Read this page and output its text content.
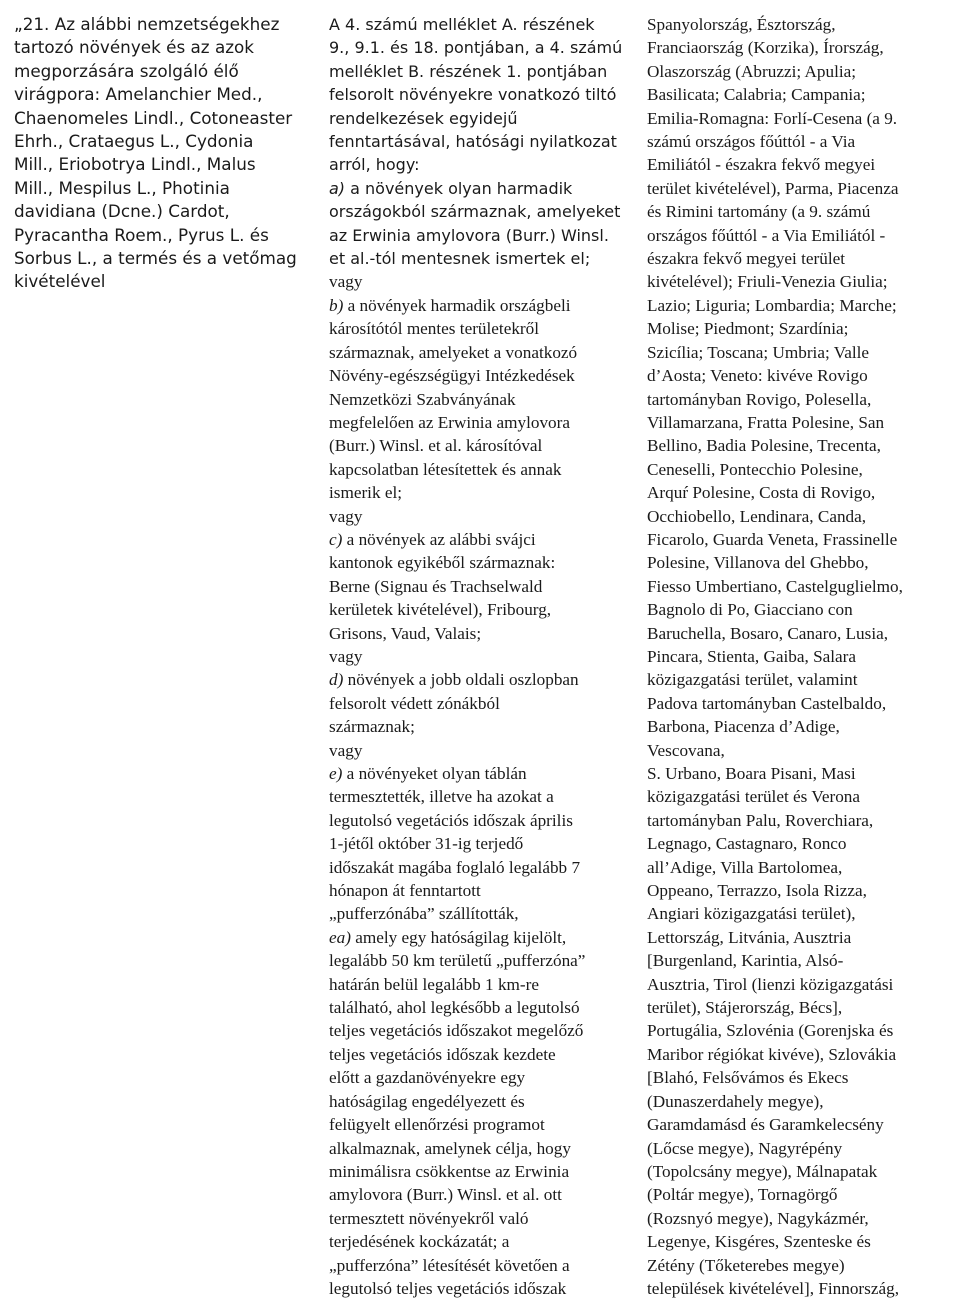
„21. Az alábbi nemzetségekhez
tartozó növények és az azok
megporzására szolgáló élő
virágpora: Amelanchier Med.,
Chaenomeles Lindl., Cotoneaster
Ehrh., Crataegus L., Cydonia
Mill., Eriobotrya Lindl., Malus
Mill., Mespilus L., Photinia
davidiana (Dcne.) Cardot,
Pyracantha Roem., Pyrus L. és
Sorbus L., a termés és a vetőmag
kivételével
A 4. számú melléklet A. részének
9., 9.1. és 18. pontjában, a 4. számú
melléklet B. részének 1. pontjában
felsorolt növényekre vonatkozó tiltó
rendelkezések egyidejű
fenntartásával, hatósági nyilatkozat
arról, hogy:
a) a növények olyan harmadik
országokból származnak, amelyeket
az Erwinia amylovora (Burr.) Winsl.
et al.-tól mentesnek ismertek el;
vagy
b) a növények harmadik országbeli
károsítótól mentes területekről
származnak, amelyeket a vonatkozó
Növény-egészségügyi Intézkedések
Nemzetközi Szabványának
megfelelően az Erwinia amylovora
(Burr.) Winsl. et al. károsítóval
kapcsolatban létesítettek és annak
ismerik el;
vagy
c) a növények az alábbi svájci
kantonok egyikéből származnak:
Berne (Signau és Trachselwald
kerületek kivételével), Fribourg,
Grisons, Vaud, Valais;
vagy
d) növények a jobb oldali oszlopban
felsorolt védett zónákból
származnak;
vagy
e) a növényeket olyan táblán
termesztették, illetve ha azokat a
legutolsó vegetációs időszak április
1-jétől október 31-ig terjedő
időszakát magába foglaló legalább 7
hónapon át fenntartott
„pufferzónába” szállították,
ea) amely egy hatóságilag kijelölt,
legalább 50 km területű „pufferzóna”
határán belül legalább 1 km-re
található, ahol legkésőbb a legutolsó
teljes vegetációs időszakot megelőző
teljes vegetációs időszak kezdete
előtt a gazdanövényekre egy
hatóságilag engedélyezett és
felügyelt ellenőrzési programot
alkalmaznak, amelynek célja, hogy
minimálisra csökkentse az Erwinia
amylovora (Burr.) Winsl. et al. ott
termesztett növényekről való
terjedésének kockázatát; a
„pufferzóna” létesítését követően a
legutolsó teljes vegetációs időszak
Spanyolország, Észtország,
Franciaország (Korzika), Írország,
Olaszország (Abruzzi; Apulia;
Basilicata; Calabria; Campania;
Emilia-Romagna: Forlí-Cesena (a 9.
számú országos főúttól - a Via
Emiliától - északra fekvő megyei
terület kivételével), Parma, Piacenza
és Rimini tartomány (a 9. számú
országos főúttól - a Via Emiliától -
északra fekvő megyei terület
kivételével); Friuli-Venezia Giulia;
Lazio; Liguria; Lombardia; Marche;
Molise; Piedmont; Szardínia;
Szicília; Toscana; Umbria; Valle
d’Aosta; Veneto: kivéve Rovigo
tartományban Rovigo, Polesella,
Villamarzana, Fratta Polesine, San
Bellino, Badia Polesine, Trecenta,
Ceneselli, Pontecchio Polesine,
Arquŕ Polesine, Costa di Rovigo,
Occhiobello, Lendinara, Canda,
Ficarolo, Guarda Veneta, Frassinelle
Polesine, Villanova del Ghebbo,
Fiesso Umbertiano, Castelguglielmo,
Bagnolo di Po, Giacciano con
Baruchella, Bosaro, Canaro, Lusia,
Pincara, Stienta, Gaiba, Salara
közigazgatási terület, valamint
Padova tartományban Castelbaldo,
Barbona, Piacenza d’Adige,
Vescovana,
S. Urbano, Boara Pisani, Masi
közigazgatási terület és Verona
tartományban Palu, Roverchiara,
Legnago, Castagnaro, Ronco
all’Adige, Villa Bartolomea,
Oppeano, Terrazzo, Isola Rizza,
Angiari közigazgatási terület),
Lettország, Litvánia, Ausztria
[Burgenland, Karintia, Alsó-
Ausztria, Tirol (lienzi közigazgatási
terület), Stájerország, Bécs],
Portugália, Szlovénia (Gorenjska és
Maribor régiókat kivéve), Szlovákia
[Blahó, Felsővámos és Ekecs
(Dunaszerdahely megye),
Garamdamásd és Garamkelecsény
(Lőcse megye), Nagyrépény
(Topolcsány megye), Málnapatak
(Poltár megye), Tornagörgő
(Rozsnyó megye), Nagykázmér,
Legenye, Kisgéres, Szenteske és
Zétény (Tőketerebes megye)
települések kivételével], Finnország,
